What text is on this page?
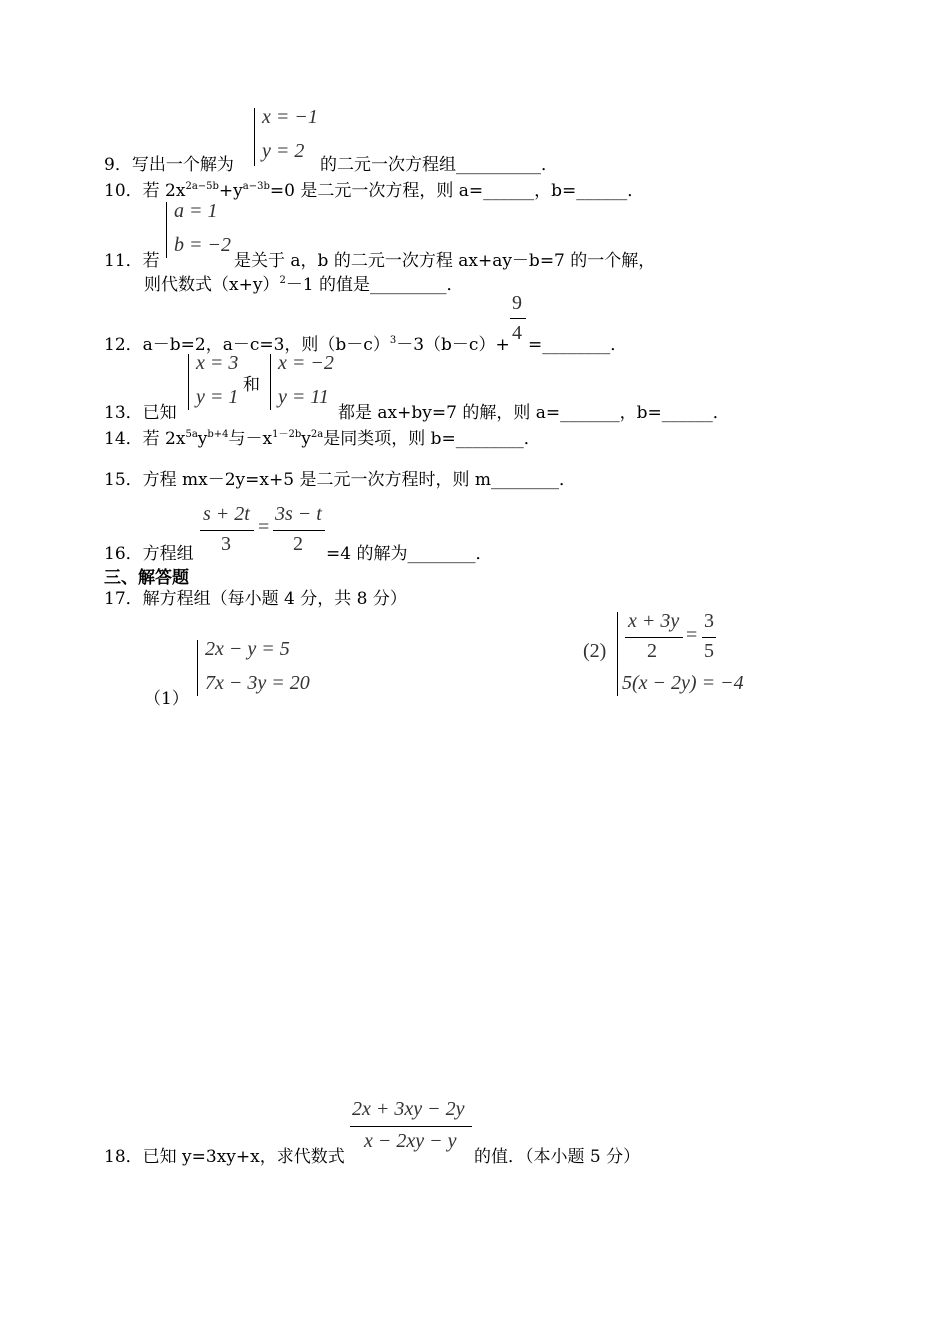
x = −1
y = 2
9．写出一个解为	的二元一次方程组__________．
10．若 $2x^{2a-5b}+y^{a-3b}=0$ 是二元一次方程，则 a=______，b=______．
a = 1
b = −2
11．若	是关于 a，b 的二元一次方程 ax+ay－b=7 的一个解，
则代数式$(x+y)^2-1$ 的值是_________．
12．a－b=2，a－c=3，则$(b-c)^3-3(b-c)+$
9
4
=________．
x = 3
y = 1
和
x = −2
y = 11
13．已知	都是 ax+by=7 的解，则 a=_______，b=______．
14．若 $2x^{5a}y^{b+4}$与$-x^{1-2b}y^{2a}$是同类项，则 b=________．
15．方程 mx－2y=x+5 是二元一次方程时，则 m________．
16．方程组
s + 2t
3
=
3s − t
2 =4 的解为________．
三、解答题
17．解方程组（每小题 4 分，共 8 分）
（1）
2x − y = 5
7x − 3y = 20
(2)
x + 3y
2
=
3
5
5(x − 2y) = −4
2x + 3xy − 2y
x − 2xy − y
18．已知 y=3xy+x，求代数式	的值．（本小题 5 分）
